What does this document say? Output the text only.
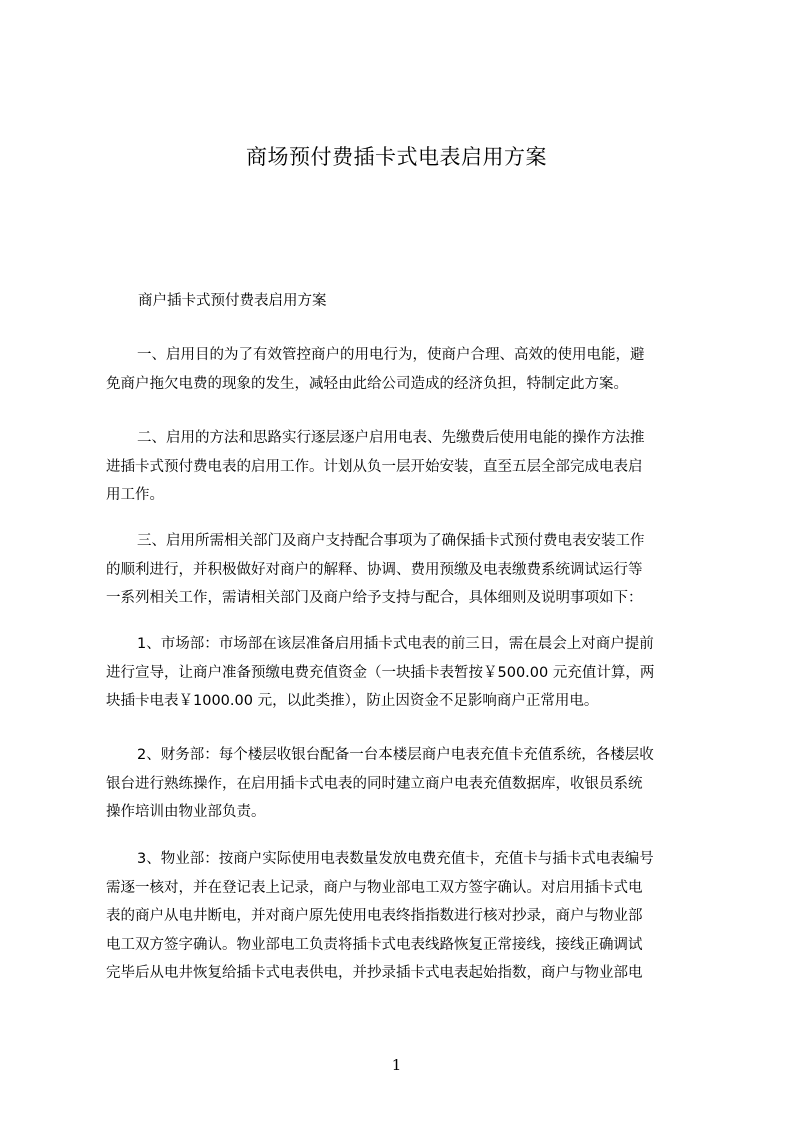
商场预付费插卡式电表启用方案
商户插卡式预付费表启用方案
一、启用目的为了有效管控商户的用电行为，使商户合理、高效的使用电能，避
免商户拖欠电费的现象的发生，减轻由此给公司造成的经济负担，特制定此方案。
二、启用的方法和思路实行逐层逐户启用电表、先缴费后使用电能的操作方法推
进插卡式预付费电表的启用工作。计划从负一层开始安装，直至五层全部完成电表启
用工作。
三、启用所需相关部门及商户支持配合事项为了确保插卡式预付费电表安装工作
的顺利进行，并积极做好对商户的解释、协调、费用预缴及电表缴费系统调试运行等
一系列相关工作，需请相关部门及商户给予支持与配合，具体细则及说明事项如下：
1、市场部：市场部在该层准备启用插卡式电表的前三日，需在晨会上对商户提前
进行宣导，让商户准备预缴电费充值资金（一块插卡表暂按￥500.00 元充值计算，两
块插卡电表￥1000.00 元，以此类推），防止因资金不足影响商户正常用电。
2、财务部：每个楼层收银台配备一台本楼层商户电表充值卡充值系统，各楼层收
银台进行熟练操作，在启用插卡式电表的同时建立商户电表充值数据库，收银员系统
操作培训由物业部负责。
3、物业部：按商户实际使用电表数量发放电费充值卡，充值卡与插卡式电表编号
需逐一核对，并在登记表上记录，商户与物业部电工双方签字确认。对启用插卡式电
表的商户从电井断电，并对商户原先使用电表终指指数进行核对抄录，商户与物业部
电工双方签字确认。物业部电工负责将插卡式电表线路恢复正常接线，接线正确调试
完毕后从电井恢复给插卡式电表供电，并抄录插卡式电表起始指数，商户与物业部电
1
